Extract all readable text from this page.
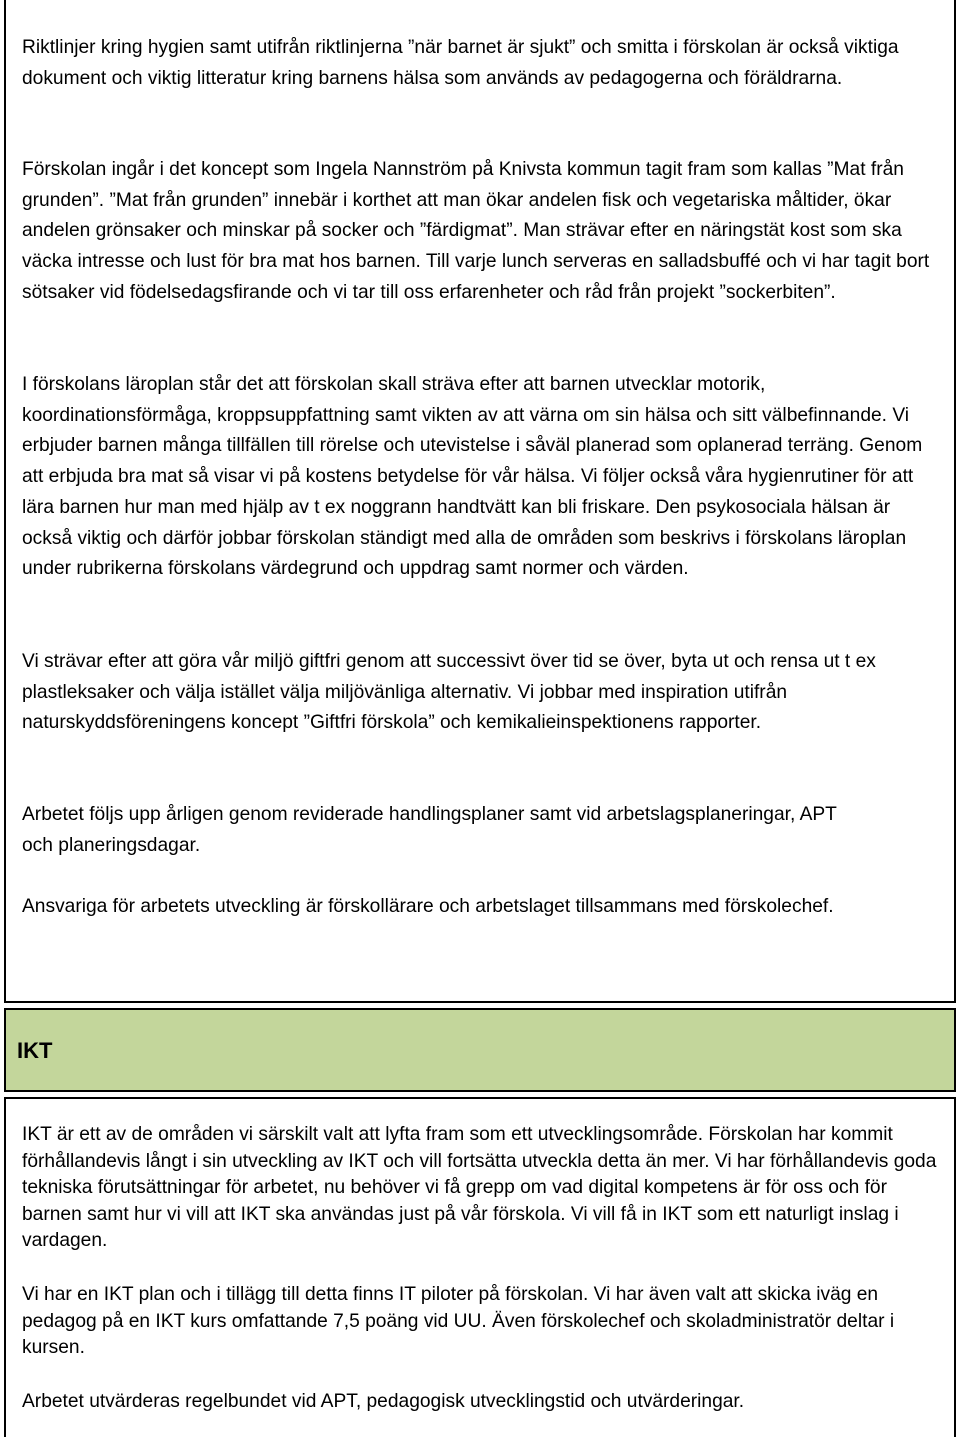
Riktlinjer kring hygien samt utifrån riktlinjerna ”när barnet är sjukt” och smitta i förskolan är också viktiga dokument och viktig litteratur kring barnens hälsa som används av pedagogerna och föräldrarna.

Förskolan ingår i det koncept som Ingela Nannström på Knivsta kommun tagit fram som kallas ”Mat från grunden”. ”Mat från grunden” innebär i korthet att man ökar andelen fisk och vegetariska måltider, ökar andelen grönsaker och minskar på socker och ”färdigmat”. Man strävar efter en näringstät kost som ska väcka intresse och lust för bra mat hos barnen. Till varje lunch serveras en salladsbuffé och vi har tagit bort sötsaker vid födelsedagsfirande och vi tar till oss erfarenheter och råd från projekt ”sockerbiten”.

I förskolans läroplan står det att förskolan skall sträva efter att barnen utvecklar motorik, koordinationsförmåga, kroppsuppfattning samt vikten av att värna om sin hälsa och sitt välbefinnande. Vi erbjuder barnen många tillfällen till rörelse och utevistelse i såväl planerad som oplanerad terräng. Genom att erbjuda bra mat så visar vi på kostens betydelse för vår hälsa. Vi följer också våra hygienrutiner för att lära barnen hur man med hjälp av t ex noggrann handtvätt kan bli friskare. Den psykosociala hälsan är också viktig och därför jobbar förskolan ständigt med alla de områden som beskrivs i förskolans läroplan under rubrikerna förskolans värdegrund och uppdrag samt normer och värden.

Vi strävar efter att göra vår miljö giftfri genom att successivt över tid se över, byta ut och rensa ut t ex plastleksaker och välja istället välja miljövänliga alternativ. Vi jobbar med inspiration utifrån naturskyddsföreningens koncept ”Giftfri förskola” och kemikalieinspektionens rapporter.

Arbetet följs upp årligen genom reviderade handlingsplaner samt vid arbetslagsplaneringar, APT och planeringsdagar.

Ansvariga för arbetets utveckling är förskollärare och arbetslaget tillsammans med förskolechef.

IKT

IKT är ett av de områden vi särskilt valt att lyfta fram som ett utvecklingsområde. Förskolan har kommit förhållandevis långt i sin utveckling av IKT och vill fortsätta utveckla detta än mer. Vi har förhållandevis goda tekniska förutsättningar för arbetet, nu behöver vi få grepp om vad digital kompetens är för oss och för barnen samt hur vi vill att IKT ska användas just på vår förskola. Vi vill få in IKT som ett naturligt inslag i vardagen.

Vi har en IKT plan och i tillägg till detta finns IT piloter på förskolan. Vi har även valt att skicka iväg en pedagog på en IKT kurs omfattande 7,5 poäng vid UU. Även förskolechef och skoladministratör deltar i kursen.

Arbetet utvärderas regelbundet vid APT, pedagogisk utvecklingstid och utvärderingar.
